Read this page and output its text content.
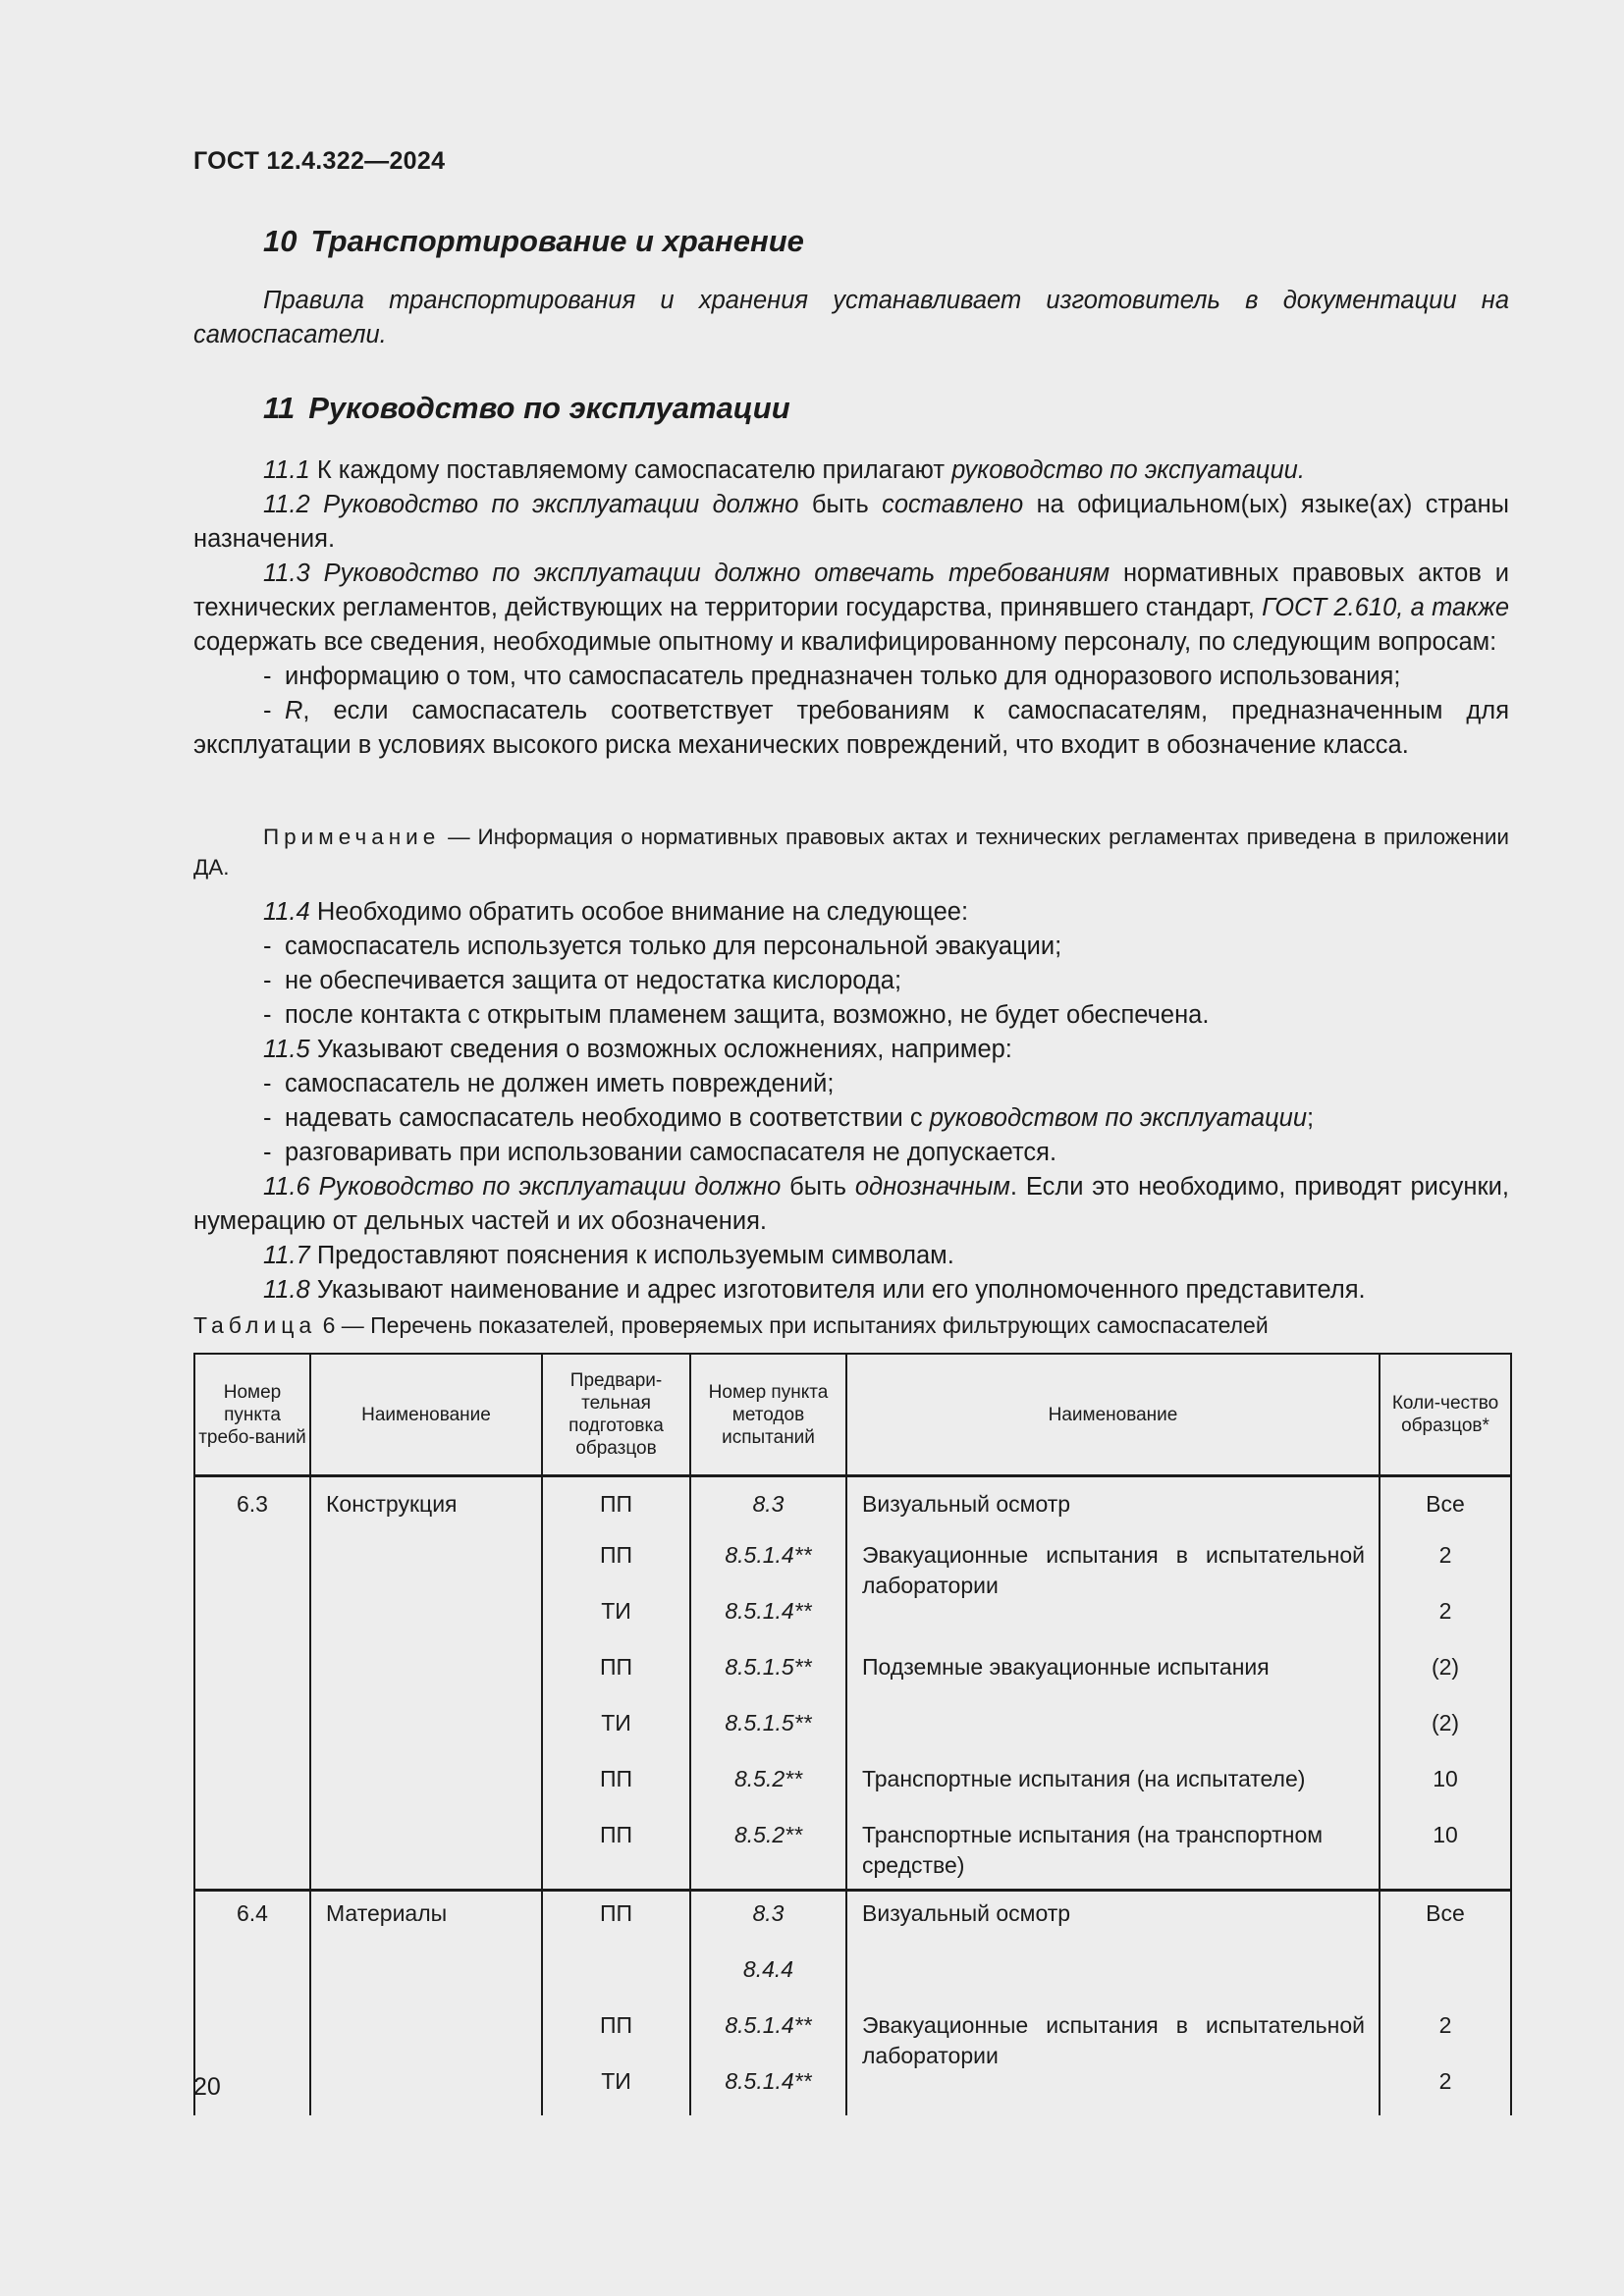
ГОСТ 12.4.322—2024
10 Транспортирование и хранение

Правила транспортирования и хранения устанавливает изготовитель в документации на самоспасатели.

11 Руководство по эксплуатации

11.1 К каждому поставляемому самоспасателю прилагают руководство по экспуатации.

11.2 Руководство по эксплуатации должно быть составлено на официальном(ых) языке(ах) страны назначения.

11.3 Руководство по эксплуатации должно отвечать требованиям нормативных правовых актов и технических регламентов, действующих на территории государства, принявшего стандарт, ГОСТ 2.610, а также содержать все сведения, необходимые опытному и квалифицированному персоналу, по следующим вопросам:

- информацию о том, что самоспасатель предназначен только для одноразового использования;

- R, если самоспасатель соответствует требованиям к самоспасателям, предназначенным для эксплуатации в условиях высокого риска механических повреждений, что входит в обозначение класса.

Примечание — Информация о нормативных правовых актах и технических регламентах приведена в приложении ДА.

11.4 Необходимо обратить особое внимание на следующее:

- самоспасатель используется только для персональной эвакуации;

- не обеспечивается защита от недостатка кислорода;

- после контакта с открытым пламенем защита, возможно, не будет обеспечена.

11.5 Указывают сведения о возможных осложнениях, например:

- самоспасатель не должен иметь повреждений;

- надевать самоспасатель необходимо в соответствии с руководством по эксплуатации;

- разговаривать при использовании самоспасателя не допускается.

11.6 Руководство по эксплуатации должно быть однозначным. Если это необходимо, приводят рисунки, нумерацию от дельных частей и их обозначения.

11.7 Предоставляют пояснения к используемым символам.

11.8 Указывают наименование и адрес изготовителя или его уполномоченного представителя.

Таблица 6 — Перечень показателей, проверяемых при испытаниях фильтрующих самоспасателей
Номер пункта требо-ваний	Наименование	Предвари-тельная подготовка образцов	Номер пункта методов испытаний	Наименование	Коли-чество образцов*
6.3	Конструкция	ПП	8.3	Визуальный осмотр	Все
		ПП	8.5.1.4**	Эвакуационные испытания в испытательной лаборатории	2
		ТИ	8.5.1.4**		2
		ПП	8.5.1.5**	Подземные эвакуационные испытания	(2)
		ТИ	8.5.1.5**		(2)
		ПП	8.5.2**	Транспортные испытания (на испытателе)	10
		ПП	8.5.2**	Транспортные испытания (на транспортном средстве)	10
6.4	Материалы	ПП	8.3	Визуальный осмотр	Все
			8.4.4		
		ПП	8.5.1.4**	Эвакуационные испытания в испытательной лаборатории	2
		ТИ	8.5.1.4**		2
20
